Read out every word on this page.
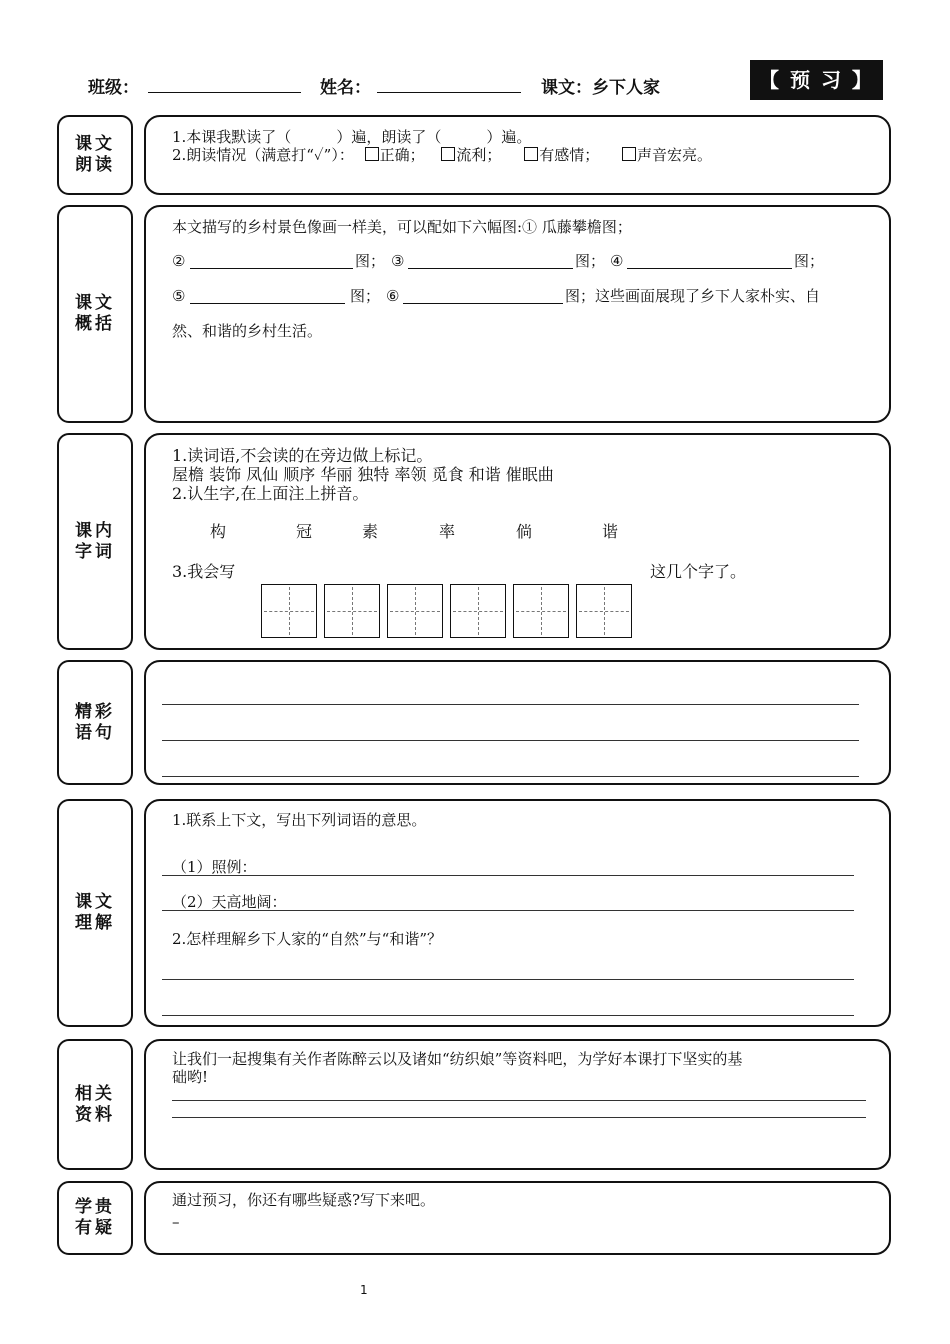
班级：	姓名：	课文：乡下人家	【 预 习 】
课文
朗读
1.本课我默读了（　　　）遍，朗读了（　　　）遍。
2.朗读情况（满意打“✓”）： 正确； 流利；	有感情；	声音宏亮。
课文
概括
本文描写的乡村景色像画一样美，可以配如下六幅图:① 瓜藤攀檐图；
②	图； ③	图； ④	图；
⑤	图； ⑥	图；这些画面展现了乡下人家朴实、自
然、和谐的乡村生活。
课内
字词
1.读词语,不会读的在旁边做上标记。
屋檐 装饰 凤仙 顺序 华丽 独特 率领 觅食 和谐 催眠曲
2.认生字,在上面注上拼音。
构	冠	素	率	倘	谐
3.我会写	这几个字了。
精彩
语句
课文
理解
1.联系上下文，写出下列词语的意思。
（1）照例：
（2）天高地阔：
2.怎样理解乡下人家的“自然”与“和谐”？
相关
资料
让我们一起搜集有关作者陈醉云以及诸如“纺织娘”等资料吧，为学好本课打下坚实的基
础哟!
学贵
有疑
通过预习，你还有哪些疑惑?写下来吧。
–
1
